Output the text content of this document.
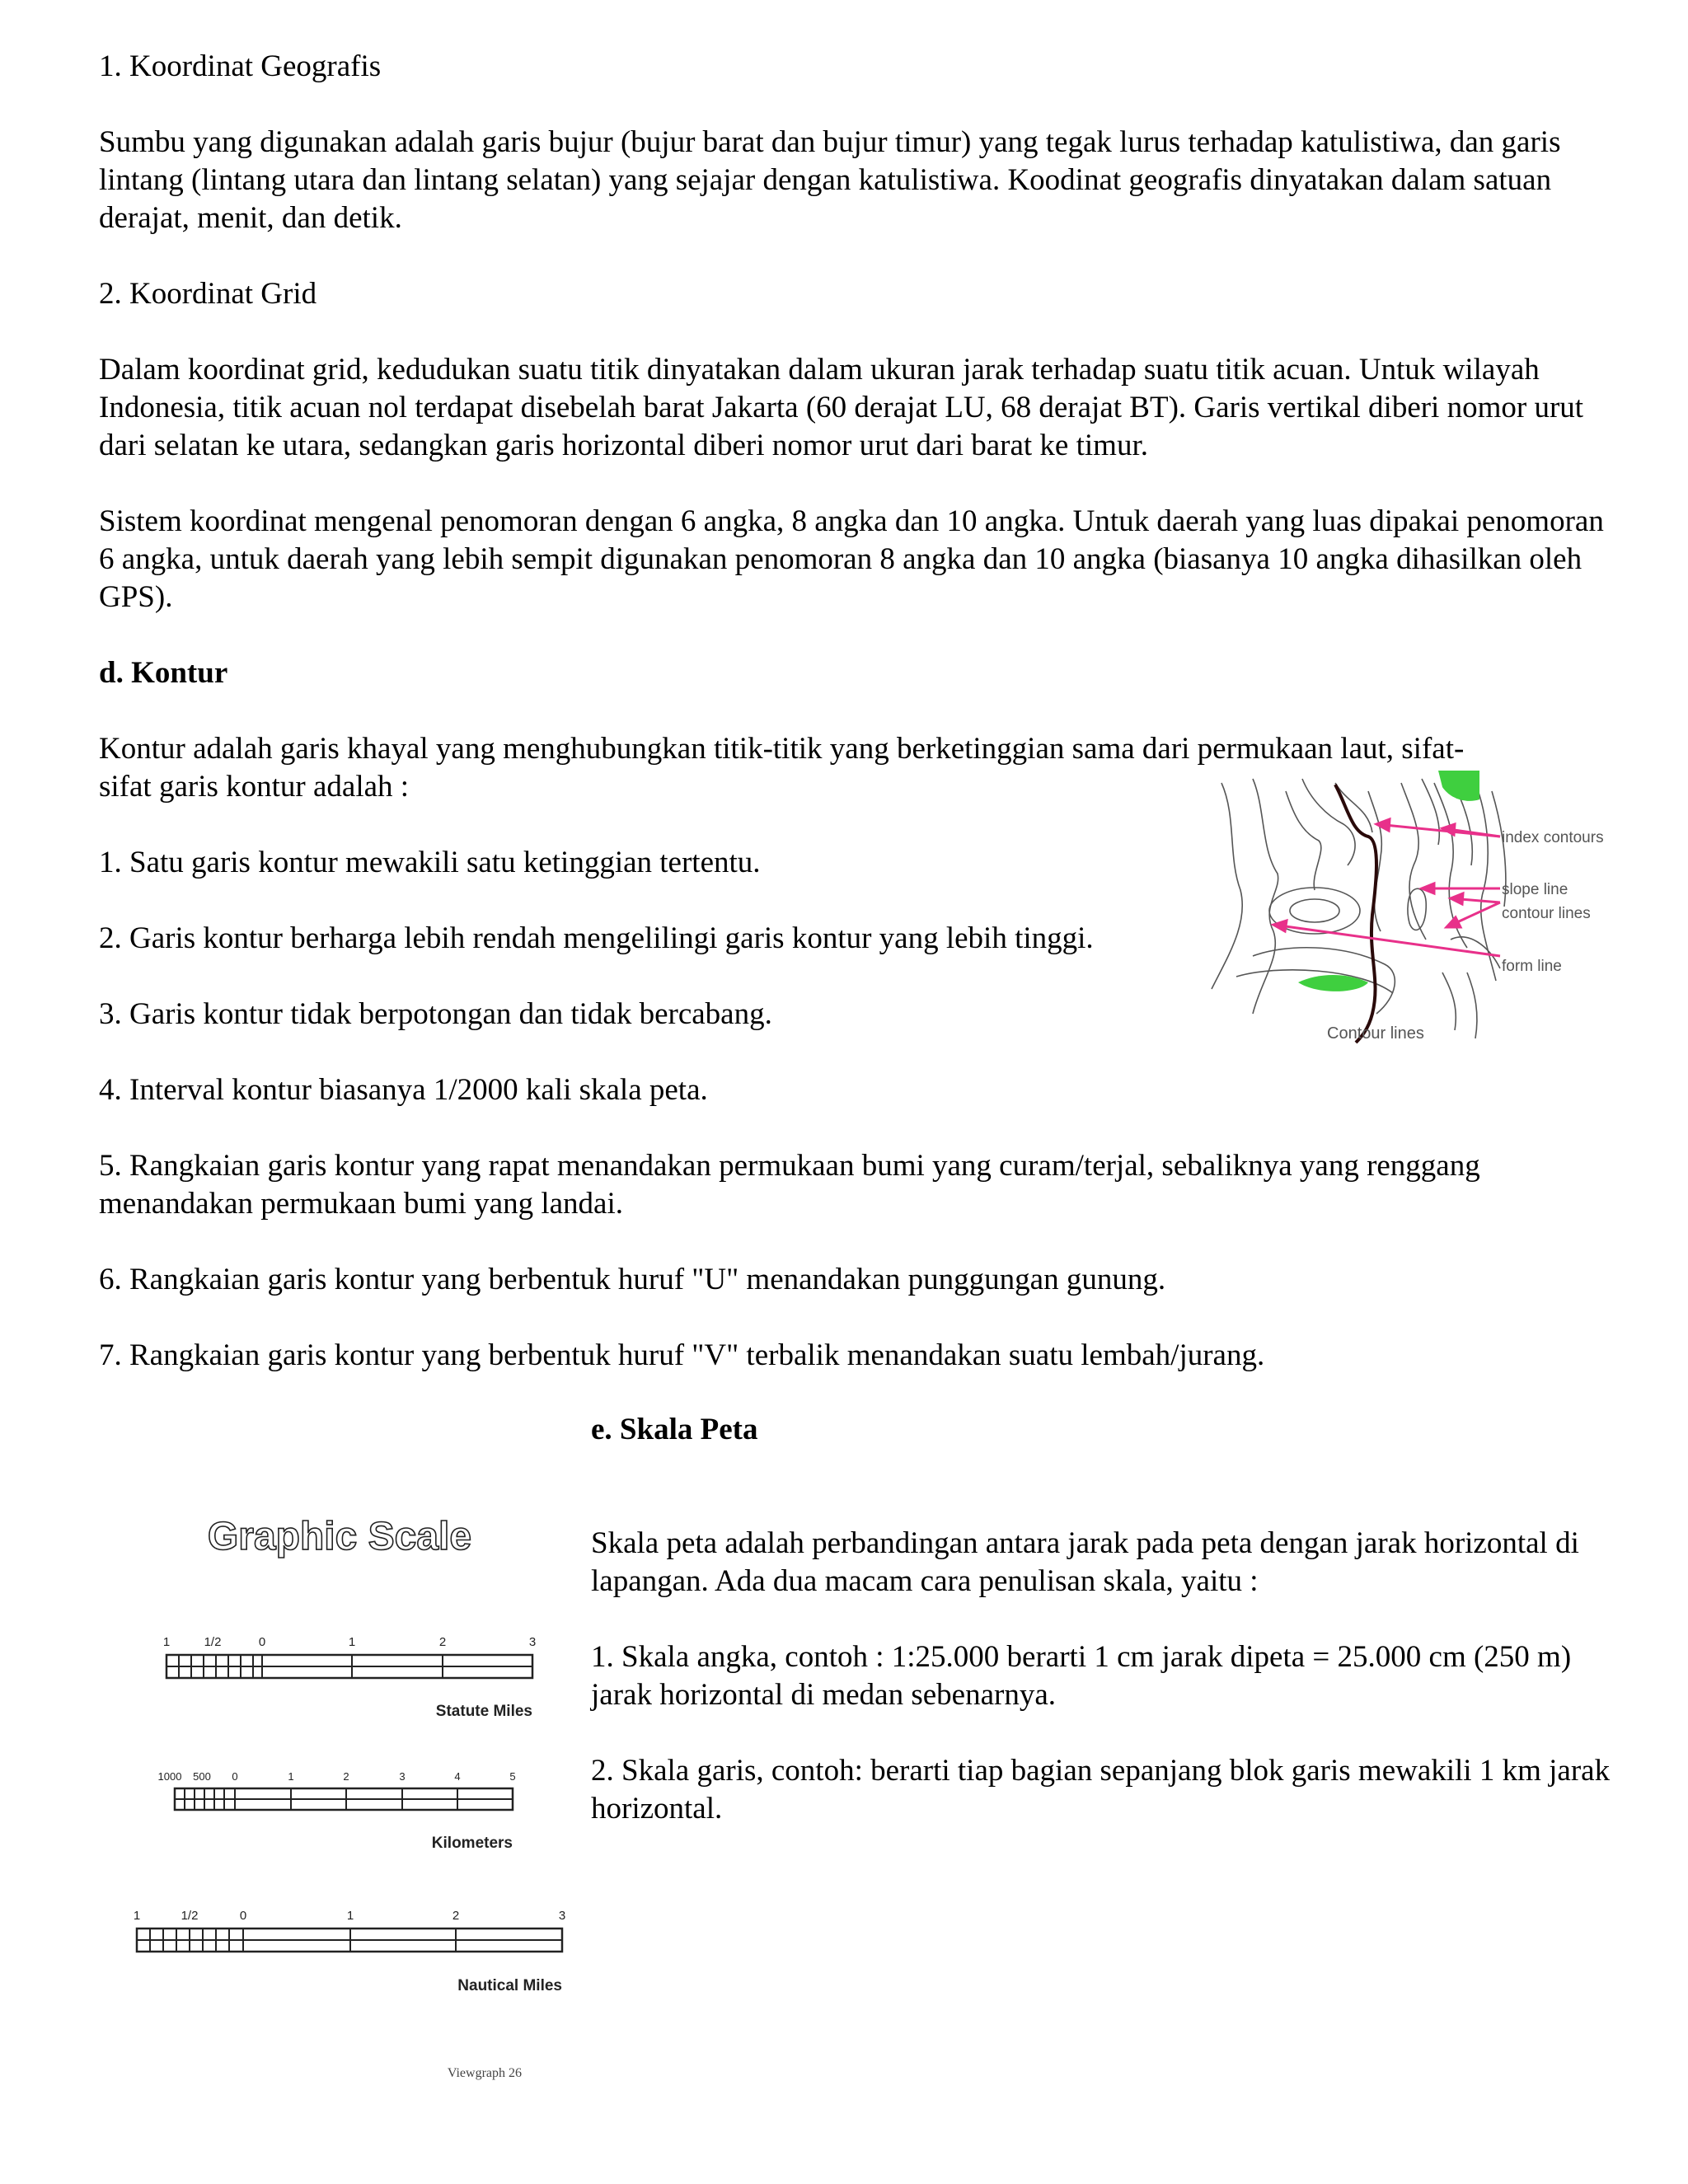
1. Koordinat Geografis

Sumbu yang digunakan adalah garis bujur (bujur barat dan bujur timur) yang tegak lurus terhadap katulistiwa, dan garis lintang (lintang utara dan lintang selatan) yang sejajar dengan katulistiwa. Koodinat geografis dinyatakan dalam satuan derajat, menit, dan detik.

2. Koordinat Grid

Dalam koordinat grid, kedudukan suatu titik dinyatakan dalam ukuran jarak terhadap suatu titik acuan. Untuk wilayah Indonesia, titik acuan nol terdapat disebelah barat Jakarta (60 derajat LU, 68 derajat BT). Garis vertikal diberi nomor urut dari selatan ke utara, sedangkan garis horizontal diberi nomor urut dari barat ke timur.

Sistem koordinat mengenal penomoran dengan 6 angka, 8 angka dan 10 angka. Untuk daerah yang luas dipakai penomoran 6 angka, untuk daerah yang lebih sempit digunakan penomoran 8 angka dan 10 angka (biasanya 10 angka dihasilkan oleh GPS).

d. Kontur

Kontur adalah garis khayal yang menghubungkan titik-titik yang berketinggian sama dari permukaan laut, sifat-

sifat garis kontur adalah :

1. Satu garis kontur mewakili satu ketinggian tertentu.

2. Garis kontur berharga lebih rendah mengelilingi garis kontur yang lebih tinggi.

3. Garis kontur tidak berpotongan dan tidak bercabang.

4. Interval kontur biasanya 1/2000 kali skala peta.

5. Rangkaian garis kontur yang rapat menandakan permukaan bumi yang curam/terjal, sebaliknya yang renggang menandakan permukaan bumi yang landai.

6. Rangkaian garis kontur yang berbentuk huruf "U" menandakan punggungan gunung.

7. Rangkaian garis kontur yang berbentuk huruf "V" terbalik menandakan suatu lembah/jurang.

index contours
slope line
contour lines
form line
Contour lines

e. Skala Peta

Skala peta adalah perbandingan antara jarak pada peta dengan jarak horizontal di lapangan. Ada dua macam cara penulisan skala, yaitu :

1. Skala angka, contoh : 1:25.000 berarti 1 cm jarak dipeta = 25.000 cm (250 m) jarak horizontal di medan sebenarnya.

2. Skala garis, contoh: berarti tiap bagian sepanjang blok garis mewakili 1 km jarak horizontal.

Graphic Scale
1	1/2	0	1	2	3
Statute Miles
1000 500 0	1	2	3	4	5
Kilometers
1	1/2	0	1	2	3
Nautical Miles
Viewgraph 26
